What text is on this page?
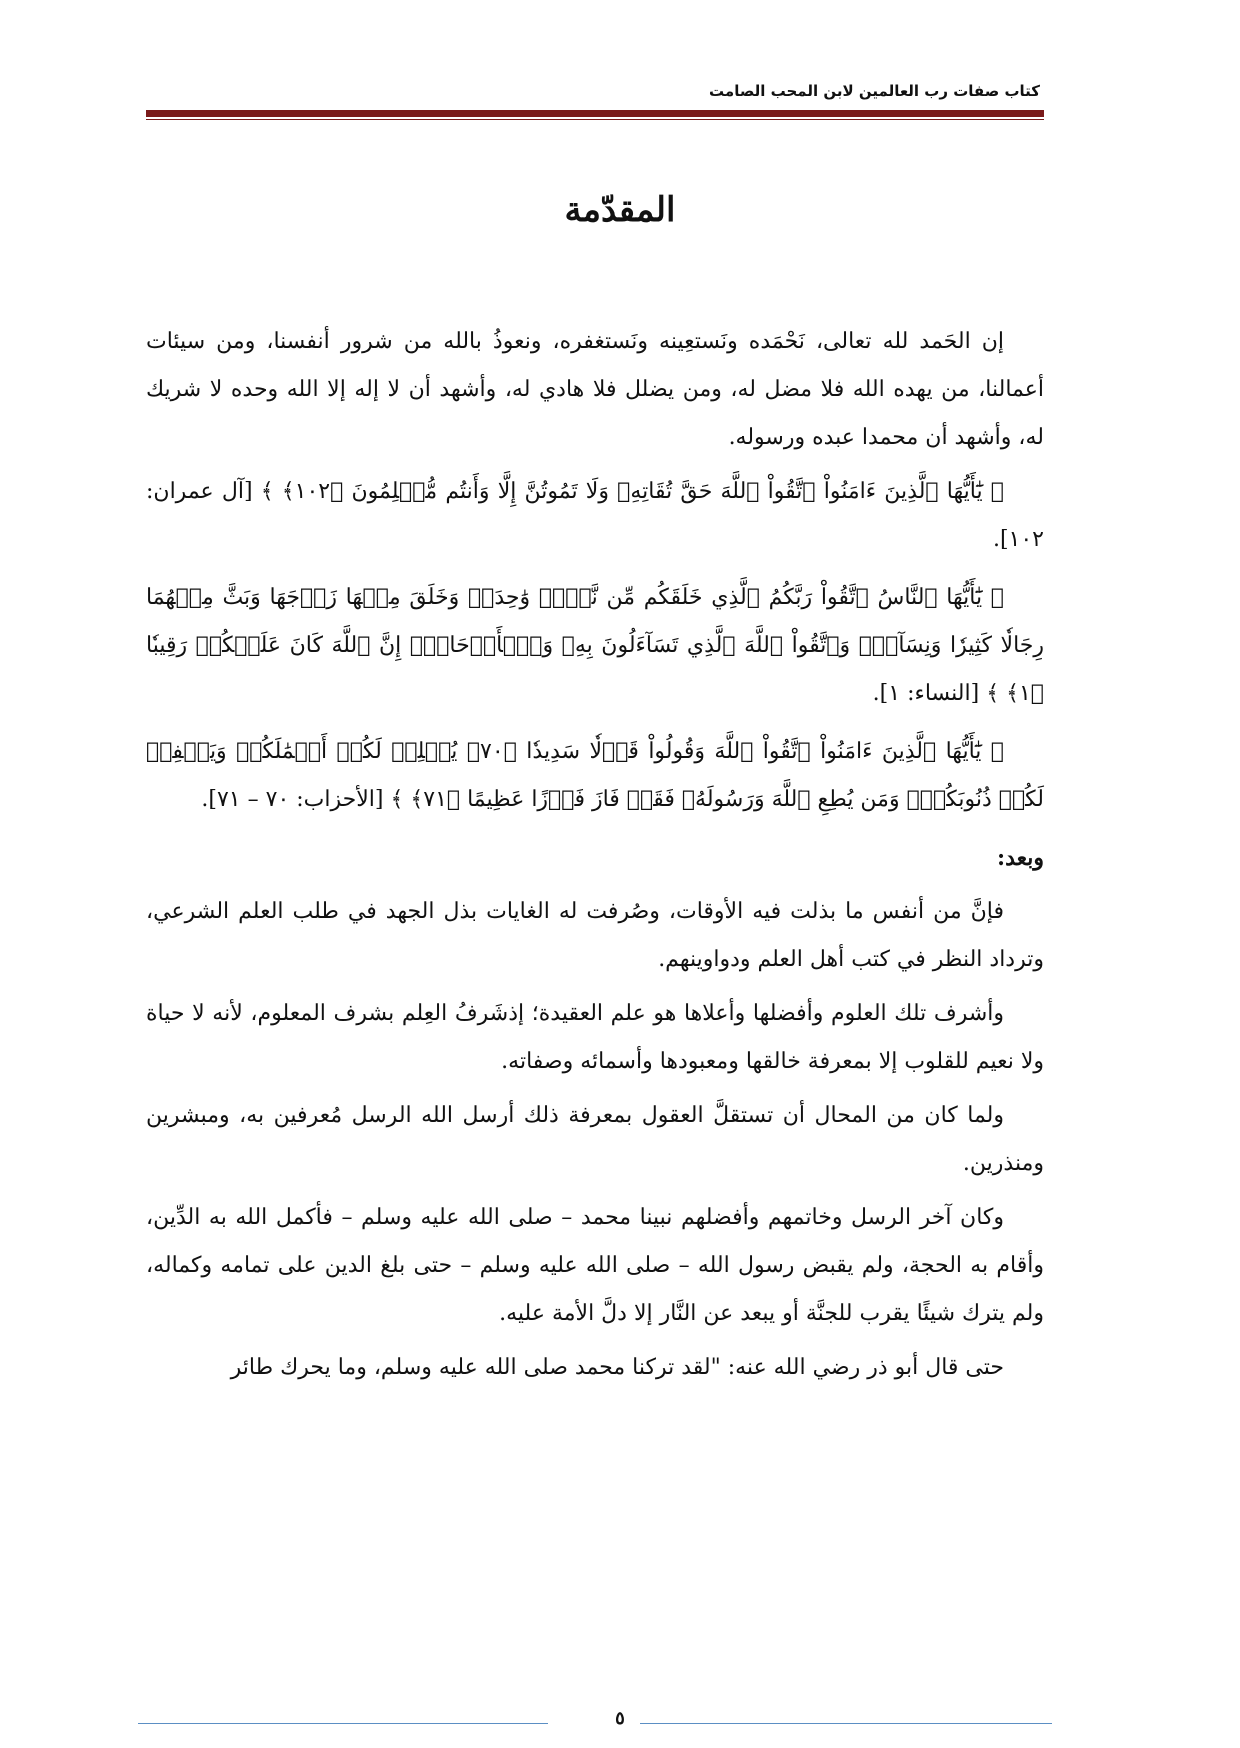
كتاب صفات رب العالمين لابن المحب الصامت
المقدّمة

إن الحَمد لله تعالى، نَحْمَده ونَستعِينه ونَستغفره، ونعوذُ بالله من شرور أنفسنا، ومن سيئات أعمالنا، من يهده الله فلا مضل له، ومن يضلل فلا هادي له، وأشهد أن لا إله إلا الله وحده لا شريك له، وأشهد أن محمدا عبده ورسوله.

﴿ يَٰٓأَيُّهَا ٱلَّذِينَ ءَامَنُواْ ٱتَّقُواْ ٱللَّهَ حَقَّ تُقَاتِهِۦ وَلَا تَمُوتُنَّ إِلَّا وَأَنتُم مُّسۡلِمُونَ ﴿١٠٢﴾ ﴾ [آل عمران: ١٠٢].

﴿ يَٰٓأَيُّهَا ٱلنَّاسُ ٱتَّقُواْ رَبَّكُمُ ٱلَّذِي خَلَقَكُم مِّن نَّفۡسٖ وَٰحِدَةٖ وَخَلَقَ مِنۡهَا زَوۡجَهَا وَبَثَّ مِنۡهُمَا رِجَالٗا كَثِيرٗا وَنِسَآءٗۚ وَٱتَّقُواْ ٱللَّهَ ٱلَّذِي تَسَآءَلُونَ بِهِۦ وَٱلۡأَرۡحَامَۚ إِنَّ ٱللَّهَ كَانَ عَلَيۡكُمۡ رَقِيبٗا ﴿١﴾ ﴾ [النساء: ١].

﴿ يَٰٓأَيُّهَا ٱلَّذِينَ ءَامَنُواْ ٱتَّقُواْ ٱللَّهَ وَقُولُواْ قَوۡلٗا سَدِيدٗا ﴿٧٠﴾ يُصۡلِحۡ لَكُمۡ أَعۡمَٰلَكُمۡ وَيَغۡفِرۡ لَكُمۡ ذُنُوبَكُمۡۗ وَمَن يُطِعِ ٱللَّهَ وَرَسُولَهُۥ فَقَدۡ فَازَ فَوۡزًا عَظِيمًا ﴿٧١﴾ ﴾ [الأحزاب: ٧٠ – ٧١].

وبعد:

فإنَّ من أنفس ما بذلت فيه الأوقات، وصُرفت له الغايات بذل الجهد في طلب العلم الشرعي، وترداد النظر في كتب أهل العلم ودواوينهم.

وأشرف تلك العلوم وأفضلها وأعلاها هو علم العقيدة؛ إذشَرفُ العِلم بشرف المعلوم، لأنه لا حياة ولا نعيم للقلوب إلا بمعرفة خالقها ومعبودها وأسمائه وصفاته.

ولما كان من المحال أن تستقلَّ العقول بمعرفة ذلك أرسل الله الرسل مُعرفين به، ومبشرين ومنذرين.

وكان آخر الرسل وخاتمهم وأفضلهم نبينا محمد – صلى الله عليه وسلم – فأكمل الله به الدِّين، وأقام به الحجة، ولم يقبض رسول الله – صلى الله عليه وسلم – حتى بلغ الدين على تمامه وكماله، ولم يترك شيئًا يقرب للجنَّة أو يبعد عن النَّار إلا دلَّ الأمة عليه.

حتى قال أبو ذر رضي الله عنه: "لقد تركنا محمد صلى الله عليه وسلم، وما يحرك طائر

٥
